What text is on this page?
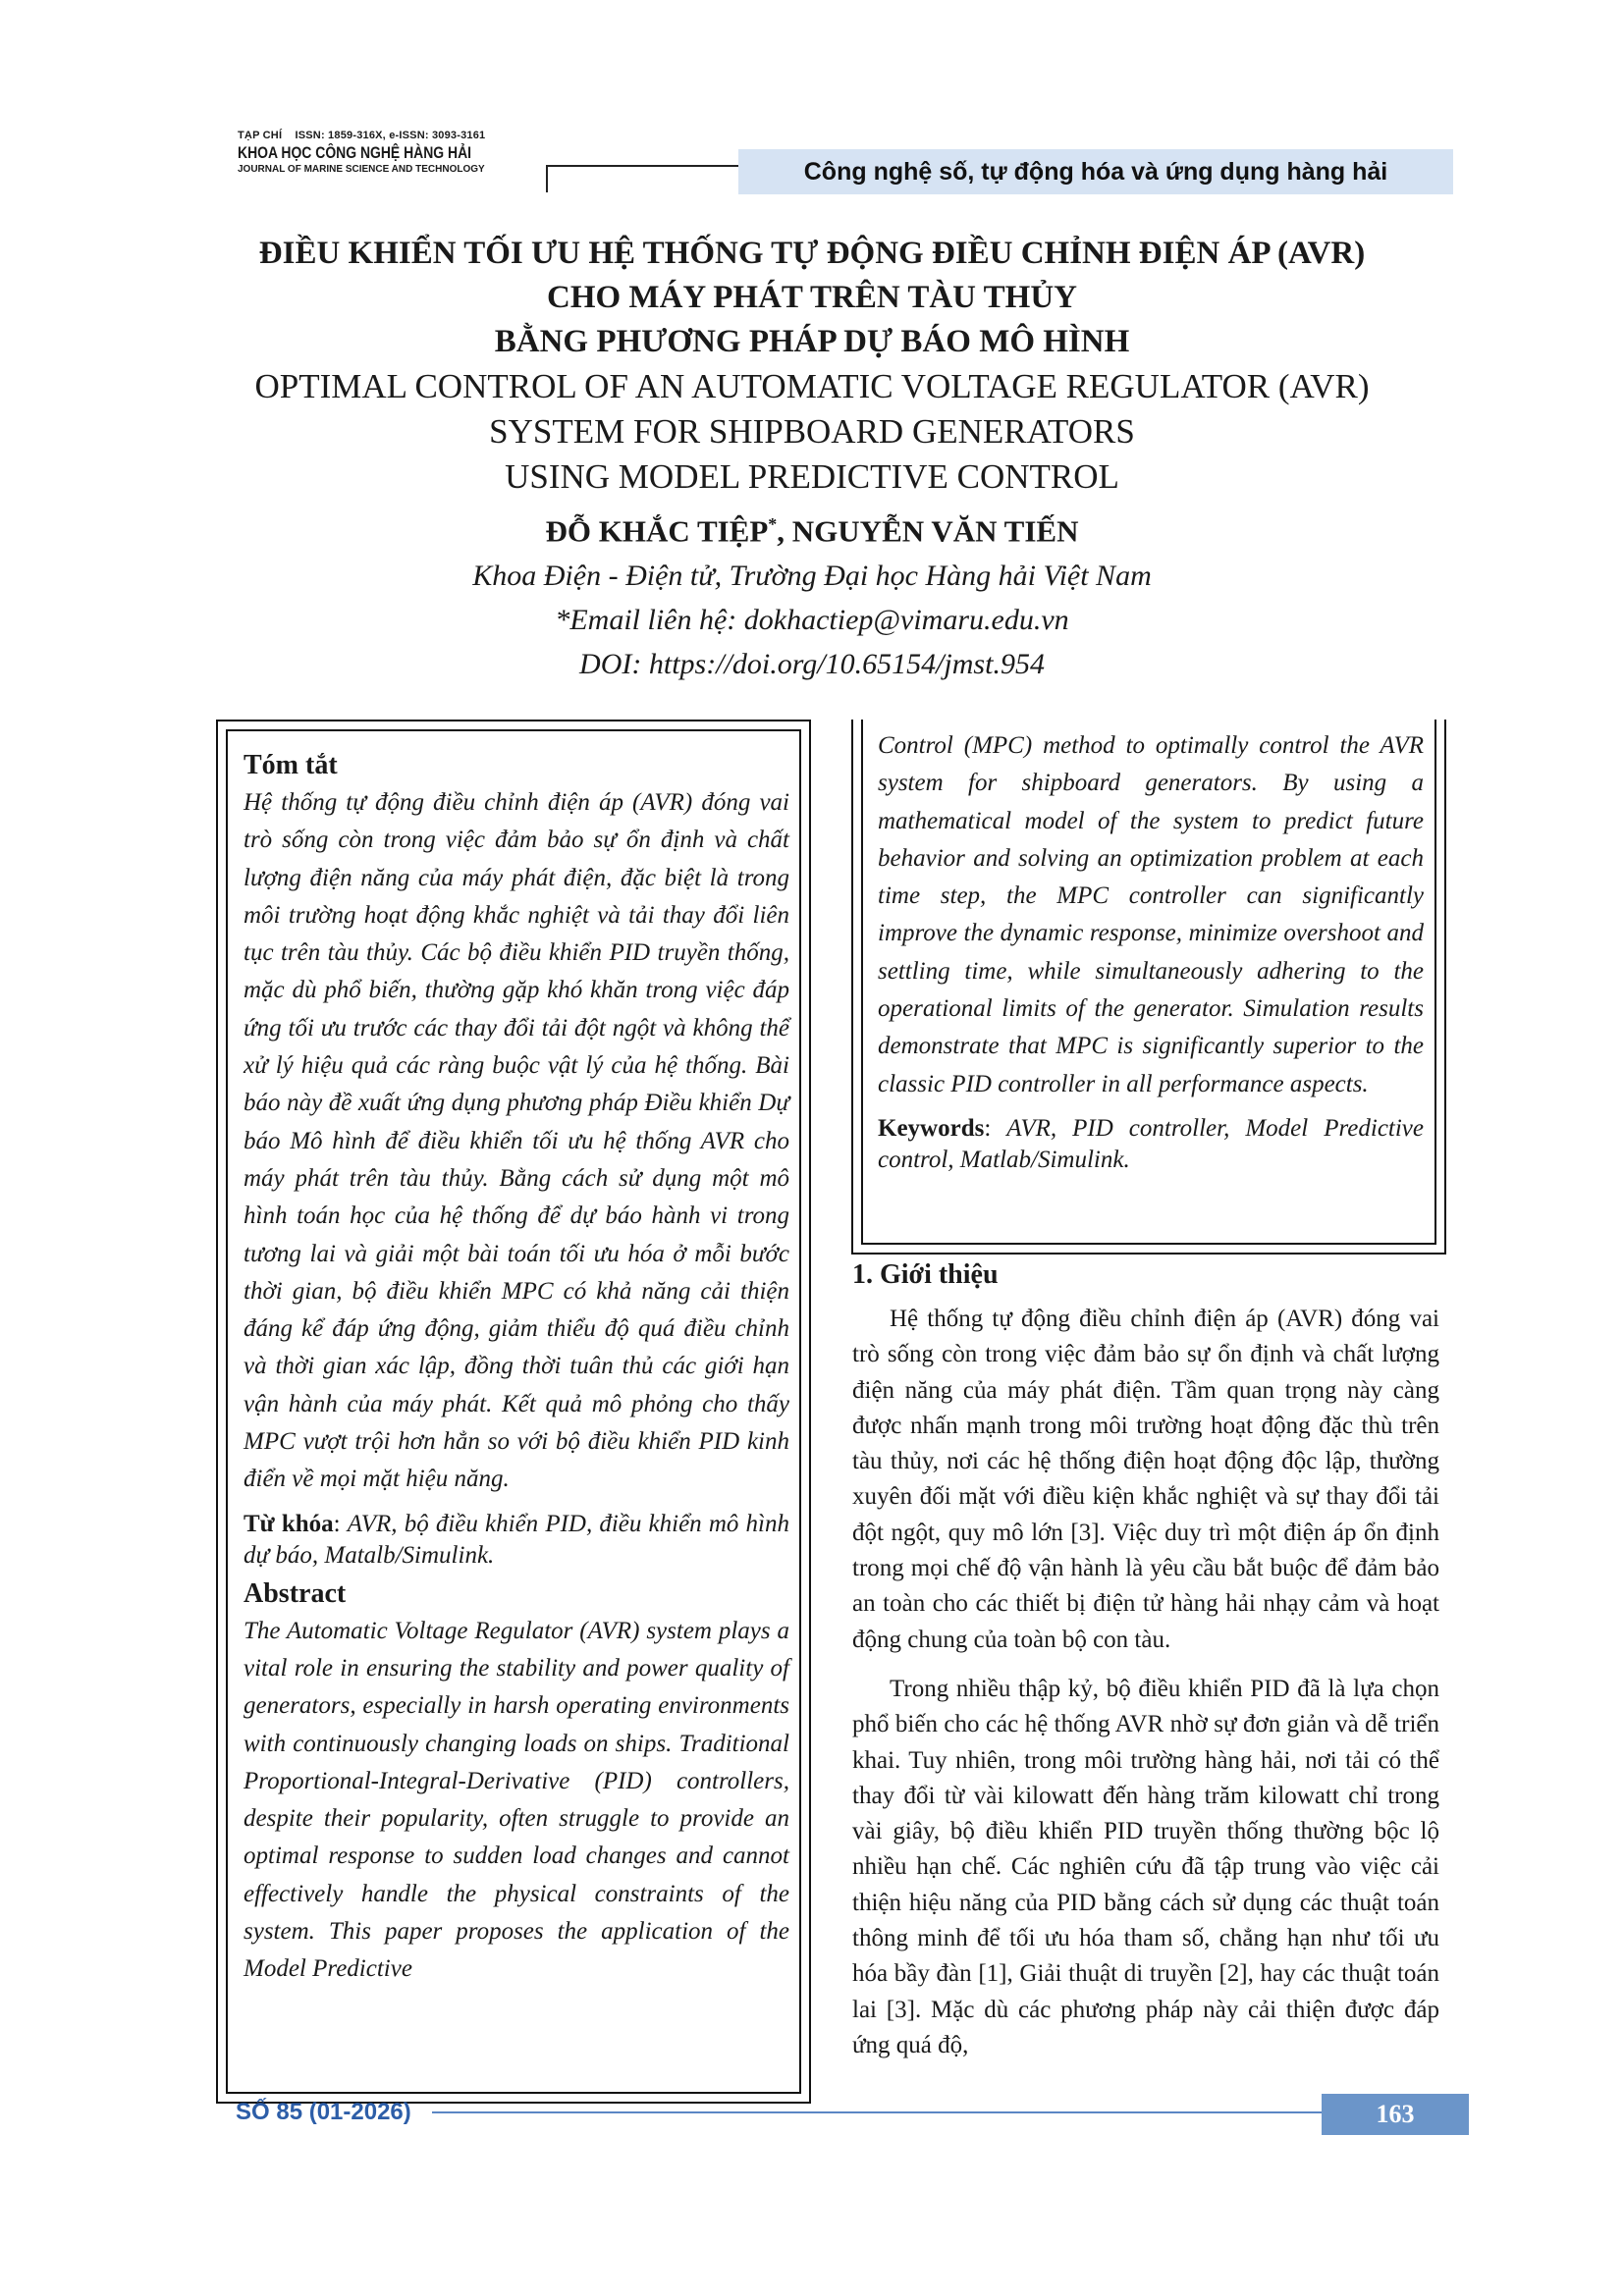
TẠP CHÍ ISSN: 1859-316X, e-ISSN: 3093-3161
KHOA HỌC CÔNG NGHỆ HÀNG HẢI
JOURNAL OF MARINE SCIENCE AND TECHNOLOGY	Công nghệ số, tự động hóa và ứng dụng hàng hải
ĐIỀU KHIỂN TỐI ƯU HỆ THỐNG TỰ ĐỘNG ĐIỀU CHỈNH ĐIỆN ÁP (AVR)
CHO MÁY PHÁT TRÊN TÀU THỦY
BẰNG PHƯƠNG PHÁP DỰ BÁO MÔ HÌNH
OPTIMAL CONTROL OF AN AUTOMATIC VOLTAGE REGULATOR (AVR)
SYSTEM FOR SHIPBOARD GENERATORS
USING MODEL PREDICTIVE CONTROL
ĐỖ KHẮC TIỆP*, NGUYỄN VĂN TIẾN
Khoa Điện - Điện tử, Trường Đại học Hàng hải Việt Nam
*Email liên hệ: dokhactiep@vimaru.edu.vn
DOI: https://doi.org/10.65154/jmst.954
Tóm tắt

Hệ thống tự động điều chỉnh điện áp (AVR) đóng vai trò sống còn trong việc đảm bảo sự ổn định và chất lượng điện năng của máy phát điện, đặc biệt là trong môi trường hoạt động khắc nghiệt và tải thay đổi liên tục trên tàu thủy. Các bộ điều khiển PID truyền thống, mặc dù phổ biến, thường gặp khó khăn trong việc đáp ứng tối ưu trước các thay đổi tải đột ngột và không thể xử lý hiệu quả các ràng buộc vật lý của hệ thống. Bài báo này đề xuất ứng dụng phương pháp Điều khiển Dự báo Mô hình để điều khiển tối ưu hệ thống AVR cho máy phát trên tàu thủy. Bằng cách sử dụng một mô hình toán học của hệ thống để dự báo hành vi trong tương lai và giải một bài toán tối ưu hóa ở mỗi bước thời gian, bộ điều khiển MPC có khả năng cải thiện đáng kể đáp ứng động, giảm thiểu độ quá điều chỉnh và thời gian xác lập, đồng thời tuân thủ các giới hạn vận hành của máy phát. Kết quả mô phỏng cho thấy MPC vượt trội hơn hẳn so với bộ điều khiển PID kinh điển về mọi mặt hiệu năng.

Từ khóa: AVR, bộ điều khiển PID, điều khiển mô hình dự báo, Matalb/Simulink.
Abstract

The Automatic Voltage Regulator (AVR) system plays a vital role in ensuring the stability and power quality of generators, especially in harsh operating environments with continuously changing loads on ships. Traditional Proportional-Integral-Derivative (PID) controllers, despite their popularity, often struggle to provide an optimal response to sudden load changes and cannot effectively handle the physical constraints of the system. This paper proposes the application of the Model Predictive

Control (MPC) method to optimally control the AVR system for shipboard generators. By using a mathematical model of the system to predict future behavior and solving an optimization problem at each time step, the MPC controller can significantly improve the dynamic response, minimize overshoot and settling time, while simultaneously adhering to the operational limits of the generator. Simulation results demonstrate that MPC is significantly superior to the classic PID controller in all performance aspects.

Keywords: AVR, PID controller, Model Predictive control, Matlab/Simulink.
1. Giới thiệu

Hệ thống tự động điều chỉnh điện áp (AVR) đóng vai trò sống còn trong việc đảm bảo sự ổn định và chất lượng điện năng của máy phát điện. Tầm quan trọng này càng được nhấn mạnh trong môi trường hoạt động đặc thù trên tàu thủy, nơi các hệ thống điện hoạt động độc lập, thường xuyên đối mặt với điều kiện khắc nghiệt và sự thay đổi tải đột ngột, quy mô lớn [3]. Việc duy trì một điện áp ổn định trong mọi chế độ vận hành là yêu cầu bắt buộc để đảm bảo an toàn cho các thiết bị điện tử hàng hải nhạy cảm và hoạt động chung của toàn bộ con tàu.

Trong nhiều thập kỷ, bộ điều khiển PID đã là lựa chọn phổ biến cho các hệ thống AVR nhờ sự đơn giản và dễ triển khai. Tuy nhiên, trong môi trường hàng hải, nơi tải có thể thay đổi từ vài kilowatt đến hàng trăm kilowatt chỉ trong vài giây, bộ điều khiển PID truyền thống thường bộc lộ nhiều hạn chế. Các nghiên cứu đã tập trung vào việc cải thiện hiệu năng của PID bằng cách sử dụng các thuật toán thông minh để tối ưu hóa tham số, chẳng hạn như tối ưu hóa bầy đàn [1], Giải thuật di truyền [2], hay các thuật toán lai [3]. Mặc dù các phương pháp này cải thiện được đáp ứng quá độ,

SỐ 85 (01-2026)	163
